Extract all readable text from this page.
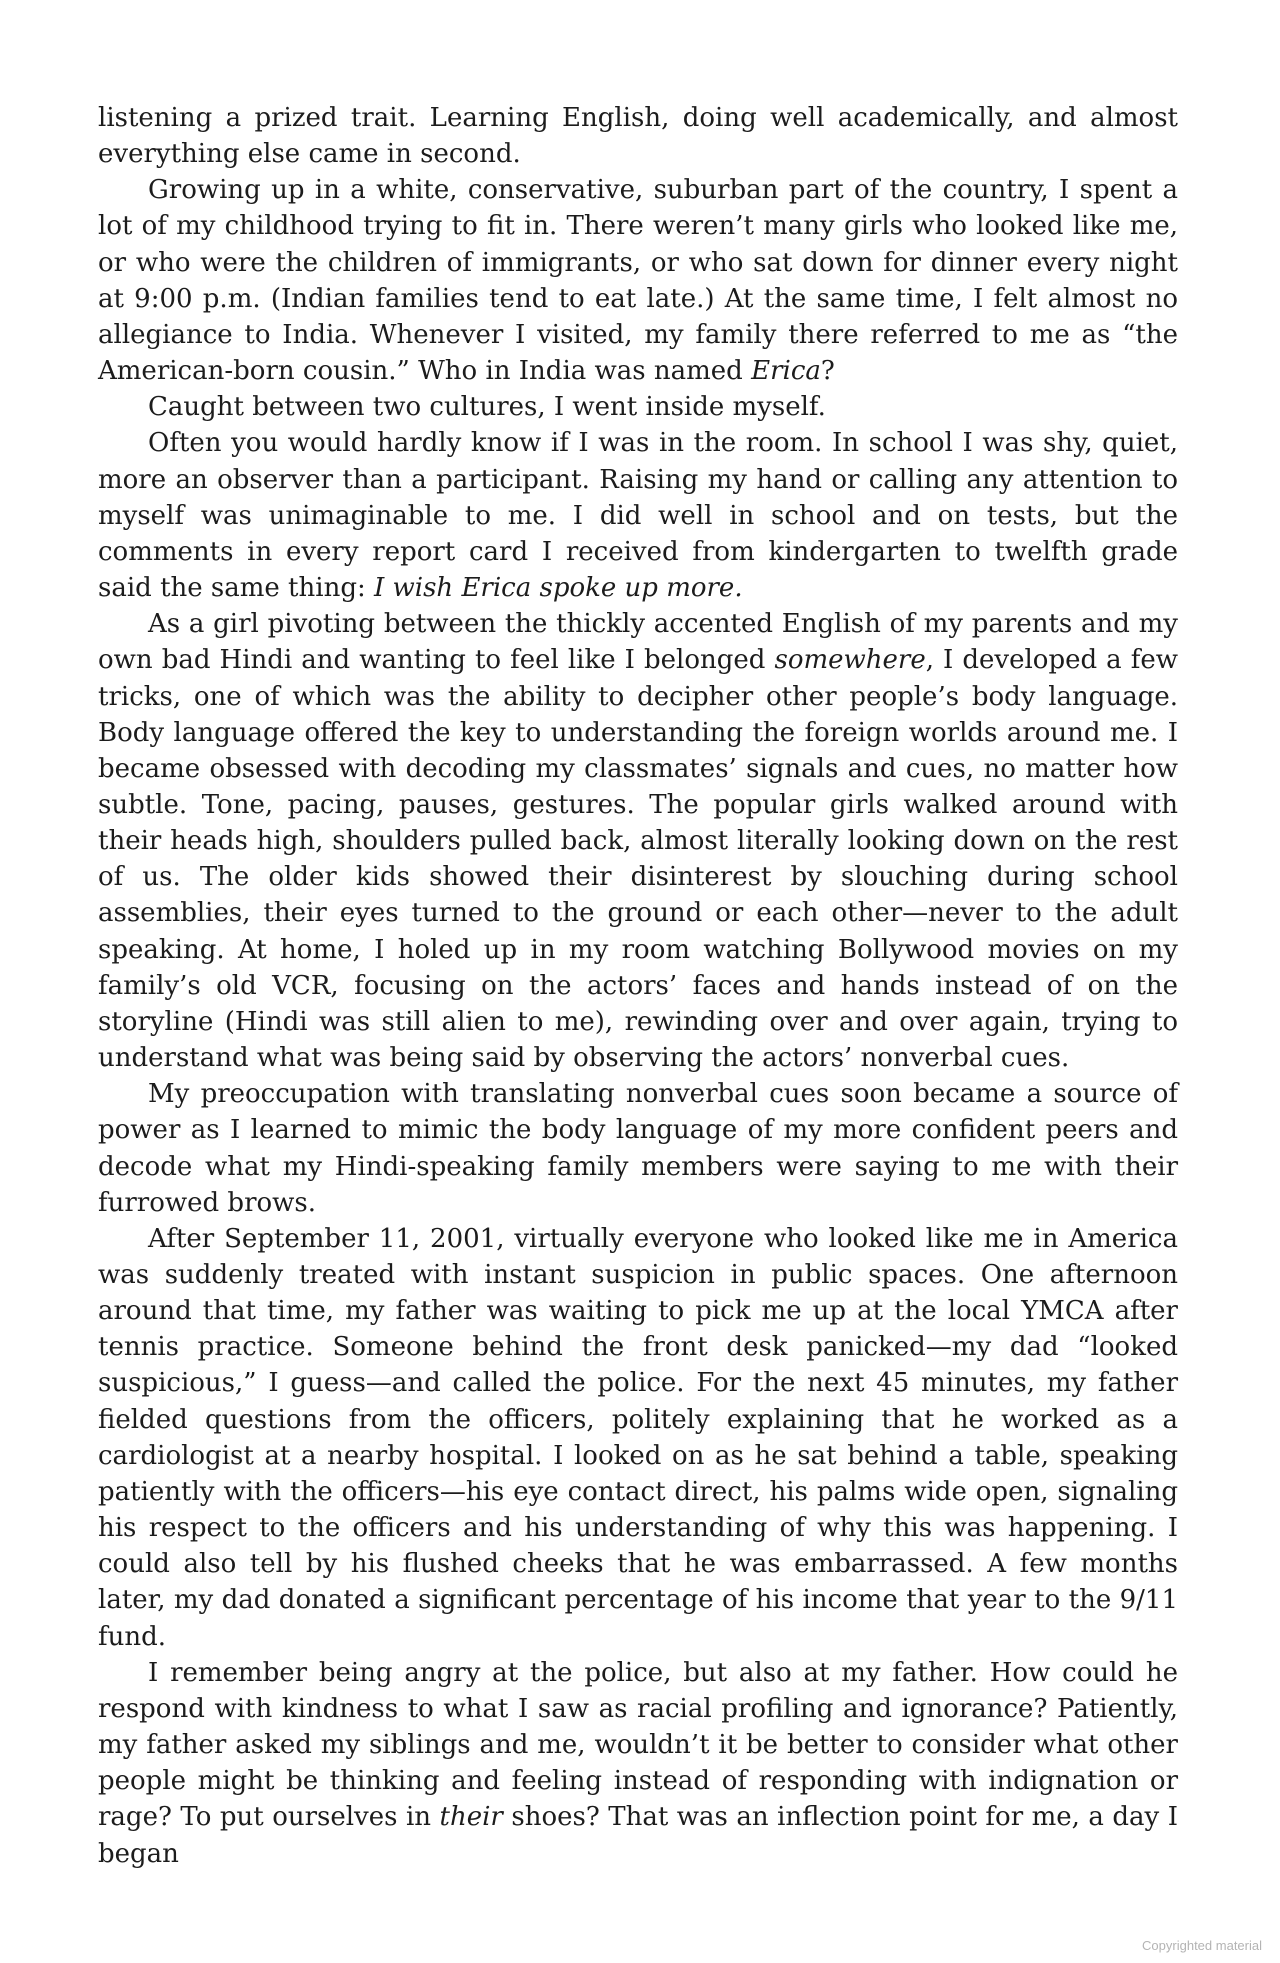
listening a prized trait. Learning English, doing well academically, and almost everything else came in second.

Growing up in a white, conservative, suburban part of the country, I spent a lot of my childhood trying to fit in. There weren’t many girls who looked like me, or who were the children of immigrants, or who sat down for dinner every night at 9:00 p.m. (Indian families tend to eat late.) At the same time, I felt almost no allegiance to India. Whenever I visited, my family there referred to me as “the American-born cousin.” Who in India was named Erica?

Caught between two cultures, I went inside myself.

Often you would hardly know if I was in the room. In school I was shy, quiet, more an observer than a participant. Raising my hand or calling any attention to myself was unimaginable to me. I did well in school and on tests, but the comments in every report card I received from kindergarten to twelfth grade said the same thing: I wish Erica spoke up more.

As a girl pivoting between the thickly accented English of my parents and my own bad Hindi and wanting to feel like I belonged somewhere, I developed a few tricks, one of which was the ability to decipher other people’s body language. Body language offered the key to understanding the foreign worlds around me. I became obsessed with decoding my classmates’ signals and cues, no matter how subtle. Tone, pacing, pauses, gestures. The popular girls walked around with their heads high, shoulders pulled back, almost literally looking down on the rest of us. The older kids showed their disinterest by slouching during school assemblies, their eyes turned to the ground or each other—never to the adult speaking. At home, I holed up in my room watching Bollywood movies on my family’s old VCR, focusing on the actors’ faces and hands instead of on the storyline (Hindi was still alien to me), rewinding over and over again, trying to understand what was being said by observing the actors’ nonverbal cues.

My preoccupation with translating nonverbal cues soon became a source of power as I learned to mimic the body language of my more confident peers and decode what my Hindi-speaking family members were saying to me with their furrowed brows.

After September 11, 2001, virtually everyone who looked like me in America was suddenly treated with instant suspicion in public spaces. One afternoon around that time, my father was waiting to pick me up at the local YMCA after tennis practice. Someone behind the front desk panicked—my dad “looked suspicious,” I guess—and called the police. For the next 45 minutes, my father fielded questions from the officers, politely explaining that he worked as a cardiologist at a nearby hospital. I looked on as he sat behind a table, speaking patiently with the officers—his eye contact direct, his palms wide open, signaling his respect to the officers and his understanding of why this was happening. I could also tell by his flushed cheeks that he was embarrassed. A few months later, my dad donated a significant percentage of his income that year to the 9/11 fund.

I remember being angry at the police, but also at my father. How could he respond with kindness to what I saw as racial profiling and ignorance? Patiently, my father asked my siblings and me, wouldn’t it be better to consider what other people might be thinking and feeling instead of responding with indignation or rage? To put ourselves in their shoes? That was an inflection point for me, a day I began

Copyrighted material
